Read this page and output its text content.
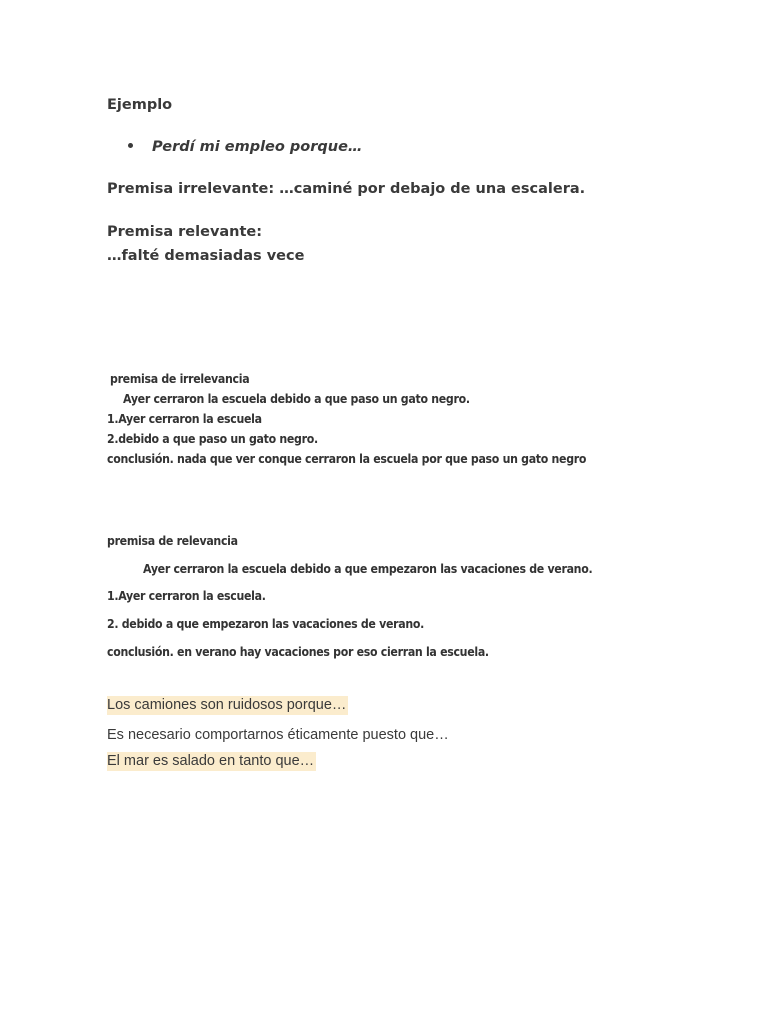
Ejemplo

Perdí mi empleo porque…

Premisa irrelevante: …caminé por debajo de una escalera.

Premisa relevante:

…falté demasiadas vece

premisa de irrelevancia

Ayer cerraron la escuela debido a que paso un gato negro.

1.Ayer cerraron la escuela

2.debido a que paso un gato negro.

conclusión. nada que ver conque cerraron la escuela por que paso un gato negro

premisa de relevancia

Ayer cerraron la escuela debido a que empezaron las vacaciones de verano.

1.Ayer cerraron la escuela.

2. debido a que empezaron las vacaciones de verano.

conclusión. en verano hay vacaciones por eso cierran la escuela.

Los camiones son ruidosos porque…

Es necesario comportarnos éticamente puesto que…

El mar es salado en tanto que…
